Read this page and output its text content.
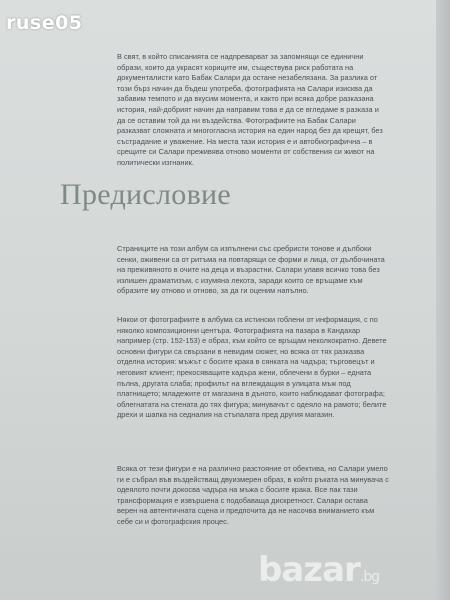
В свят, в който списанията се надпреварват за запомнящи се единични образи, които да украсят кориците им, съществува риск работата на документалисти като Бабак Салари да остане незабелязана. За разлика от този бърз начин да бъдеш употреба, фотографията на Салари изисква да забавим темпото и да вкусим момента, и както при всяка добре разказана история, най-добрият начин да направим това е да се вгледаме в разказа и да се оставим той да ни въздейства. Фотографиите на Бабак Салари разказват сложната и многогласна история на един народ без да крещят, без състрадание и уважение. На места тази история е и автобиографична – в срещите си Салари преживява отново моменти от собствения си живот на политически изгнаник.

Предисловие

Страниците на този албум са изпълнени със сребристи тонове и дълбоки сенки, оживени са от ритъма на повтарящи се форми и лица, от дълбочината на преживяното в очите на деца и възрастни. Салари улавя всичко това без излишен драматизъм, с изумяна лекота, заради които се връщаме към образите му отново и отново, за да ги оценим напълно.

Някои от фотографиите в албума са истински гоблени от информация, с по няколко композиционни центъра. Фотографията на пазара в Кандахар например (стр. 152-153) е образ, към който се връщам неколкократно. Девете основни фигури са свързани в невидим сюжет, но всяка от тях разказва отделна история: мъжът с босите крака в сянката на чадъра; търговецът и неговият клиент; прекосяващите кадъра жени, облечени в бурки – едната пълна, другата слаба; профилът на вглеждащия в улицата мъж под платнището; младежите от магазина в дъното, които наблюдават фотографа; облегнатата на стената до тях фигура; минувачът с одеяло на рамото; белите дрехи и шапка на седналия на стъпалата пред другия магазин.

Всяка от тези фигури е на различно разстояние от обектива, но Салари умело ги е събрал във въздействащ двуизмерен образ, в който ръката на минувача с одеялото почти докосва чадъра на мъжа с босите крака. Все пак тази трансформация е извършена с подобаваща дискретност. Салари остава верен на автентичната сцена и предпочита да не насочва вниманието към себе си и фотографския процес.

ruse05
bazar.bg
